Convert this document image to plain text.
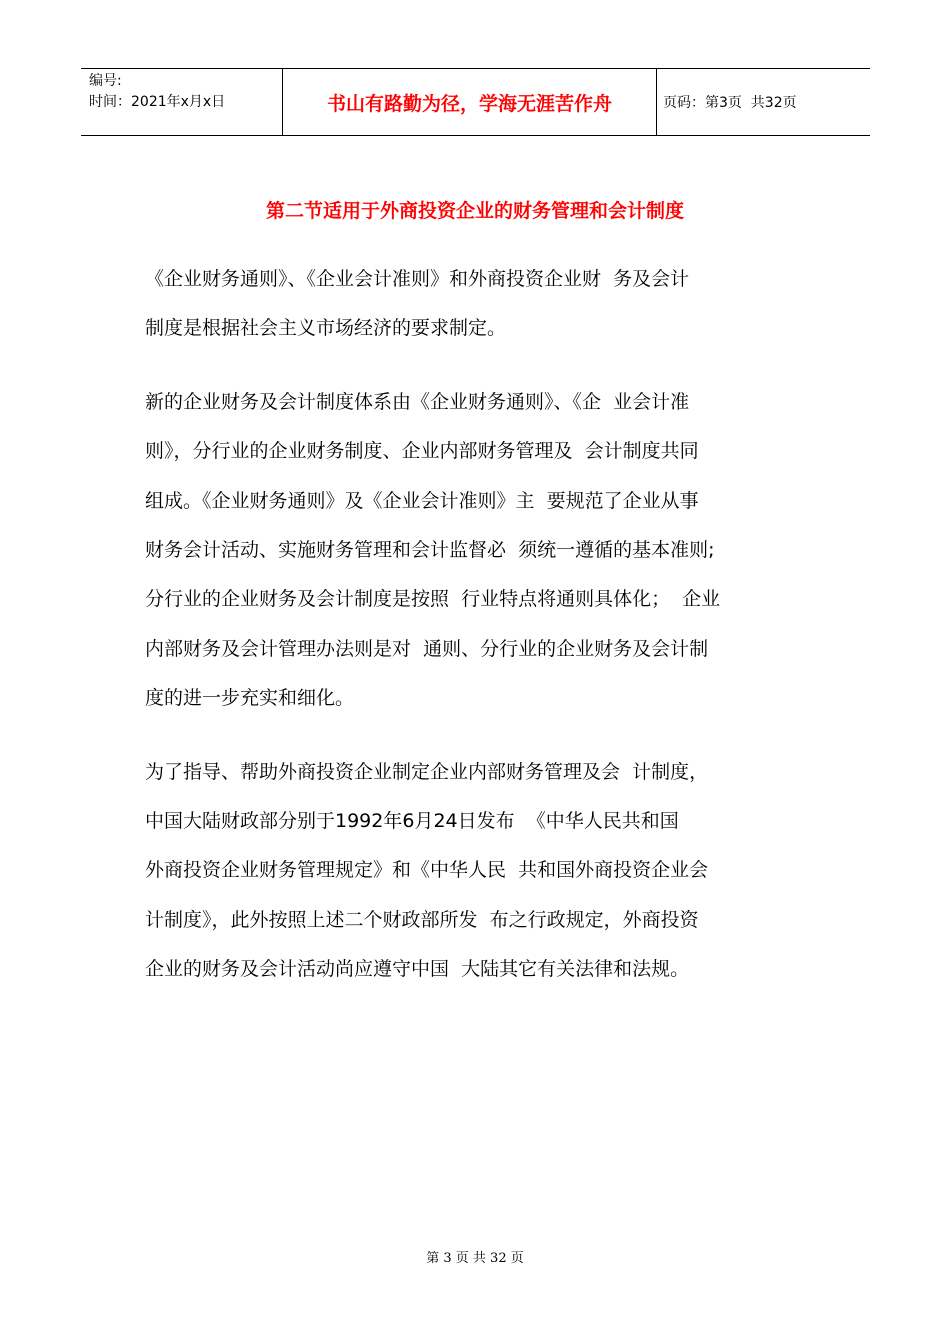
编号:
时间：2021年x月x日	书山有路勤为径，学海无涯苦作舟	页码：第3页  共32页
第二节适用于外商投资企业的财务管理和会计制度
《企业财务通则》、《企业会计准则》和外商投资企业财  务及会计
制度是根据社会主义市场经济的要求制定。
新的企业财务及会计制度体系由《企业财务通则》、《企  业会计准
则》，分行业的企业财务制度、企业内部财务管理及  会计制度共同
组成。《企业财务通则》及《企业会计准则》主  要规范了企业从事
财务会计活动、实施财务管理和会计监督必  须统一遵循的基本准则;
分行业的企业财务及会计制度是按照  行业特点将通则具体化；  企业
内部财务及会计管理办法则是对  通则、分行业的企业财务及会计制
度的进一步充实和细化。
为了指导、帮助外商投资企业制定企业内部财务管理及会  计制度，
中国大陆财政部分别于1992年6月24日发布  《中华人民共和国
外商投资企业财务管理规定》和《中华人民  共和国外商投资企业会
计制度》，此外按照上述二个财政部所发  布之行政规定，外商投资
企业的财务及会计活动尚应遵守中国  大陆其它有关法律和法规。
第 3 页 共 32 页
